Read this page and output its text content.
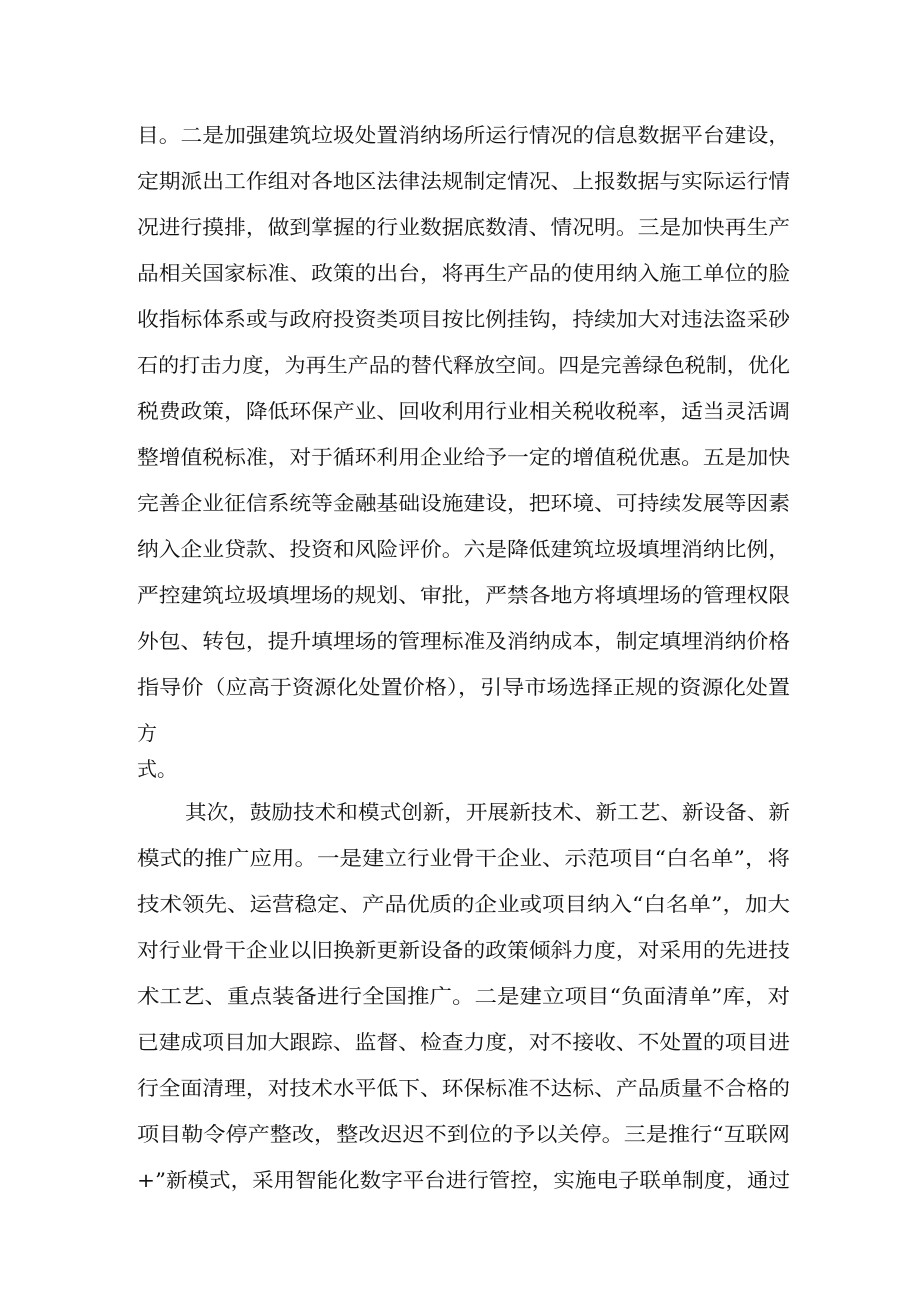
目。二是加强建筑垃圾处置消纳场所运行情况的信息数据平台建设，
定期派出工作组对各地区法律法规制定情况、上报数据与实际运行情
况进行摸排，做到掌握的行业数据底数清、情况明。三是加快再生产
品相关国家标准、政策的出台，将再生产品的使用纳入施工单位的脸
收指标体系或与政府投资类项目按比例挂钩，持续加大对违法盗采砂
石的打击力度，为再生产品的替代释放空间。四是完善绿色税制，优化
税费政策，降低环保产业、回收利用行业相关税收税率，适当灵活调
整增值税标准，对于循环利用企业给予一定的增值税优惠。五是加快
完善企业征信系统等金融基础设施建设，把环境、可持续发展等因素
纳入企业贷款、投资和风险评价。六是降低建筑垃圾填埋消纳比例，
严控建筑垃圾填埋场的规划、审批，严禁各地方将填埋场的管理权限
外包、转包，提升填埋场的管理标准及消纳成本，制定填埋消纳价格
指导价（应高于资源化处置价格），引导市场选择正规的资源化处置
方
式。
其次，鼓励技术和模式创新，开展新技术、新工艺、新设备、新
模式的推广应用。一是建立行业骨干企业、示范项目“白名单”，将
技术领先、运营稳定、产品优质的企业或项目纳入“白名单”，加大
对行业骨干企业以旧换新更新设备的政策倾斜力度，对采用的先进技
术工艺、重点装备进行全国推广。二是建立项目“负面清单”库，对
已建成项目加大跟踪、监督、检查力度，对不接收、不处置的项目进
行全面清理，对技术水平低下、环保标准不达标、产品质量不合格的
项目勒令停产整改，整改迟迟不到位的予以关停。三是推行“互联网
+”新模式，采用智能化数字平台进行管控，实施电子联单制度，通过
